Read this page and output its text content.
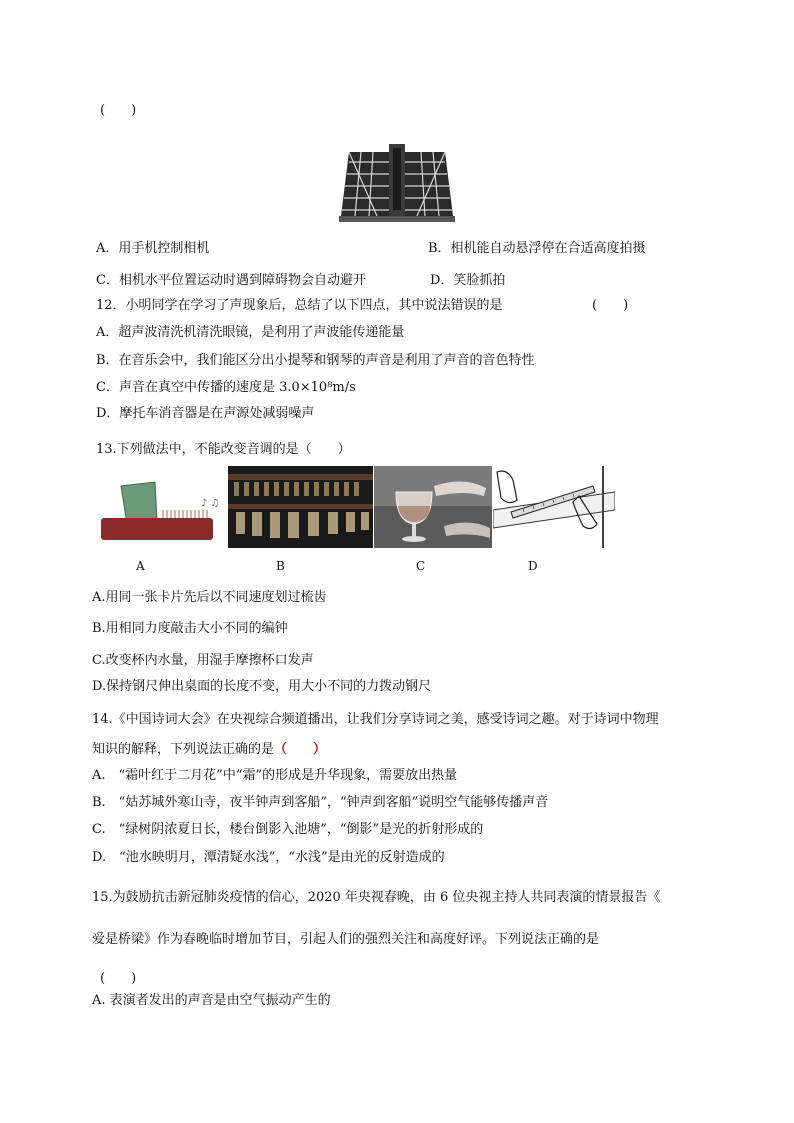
(　　)
A．用手机控制相机	B．相机能自动悬浮停在合适高度拍摄
C．相机水平位置运动时遇到障碍物会自动避开	D．笑脸抓拍
12．小明同学在学习了声现象后，总结了以下四点，其中说法错误的是	(　　)
A．超声波清洗机清洗眼镜，是利用了声波能传递能量
B．在音乐会中，我们能区分出小提琴和钢琴的声音是利用了声音的音色特性
C．声音在真空中传播的速度是 3.0×10⁸m/s
D．摩托车消音器是在声源处减弱噪声
13.下列做法中，不能改变音调的是（　　）
♪ ♫
A	B	C	D
A.用同一张卡片先后以不同速度划过梳齿
B.用相同力度敲击大小不同的编钟
C.改变杯内水量，用湿手摩擦杯口发声
D.保持钢尺伸出桌面的长度不变，用大小不同的力拨动钢尺
14.《中国诗词大会》在央视综合频道播出，让我们分享诗词之美，感受诗词之趣。对于诗词中物理
知识的解释，下列说法正确的是（　　）
A.　“霜叶红于二月花”中“霜”的形成是升华现象，需要放出热量
B.　“姑苏城外寒山寺，夜半钟声到客船”，“钟声到客船”说明空气能够传播声音
C.　“绿树阴浓夏日长，楼台倒影入池塘”，“倒影”是光的折射形成的
D.　“池水映明月，潭清疑水浅”，“水浅”是由光的反射造成的
15.为鼓励抗击新冠肺炎疫情的信心，2020 年央视春晚，由 6 位央视主持人共同表演的情景报告《
爱是桥梁》作为春晚临时增加节目，引起人们的强烈关注和高度好评。下列说法正确的是
(　　)
A. 表演者发出的声音是由空气振动产生的
